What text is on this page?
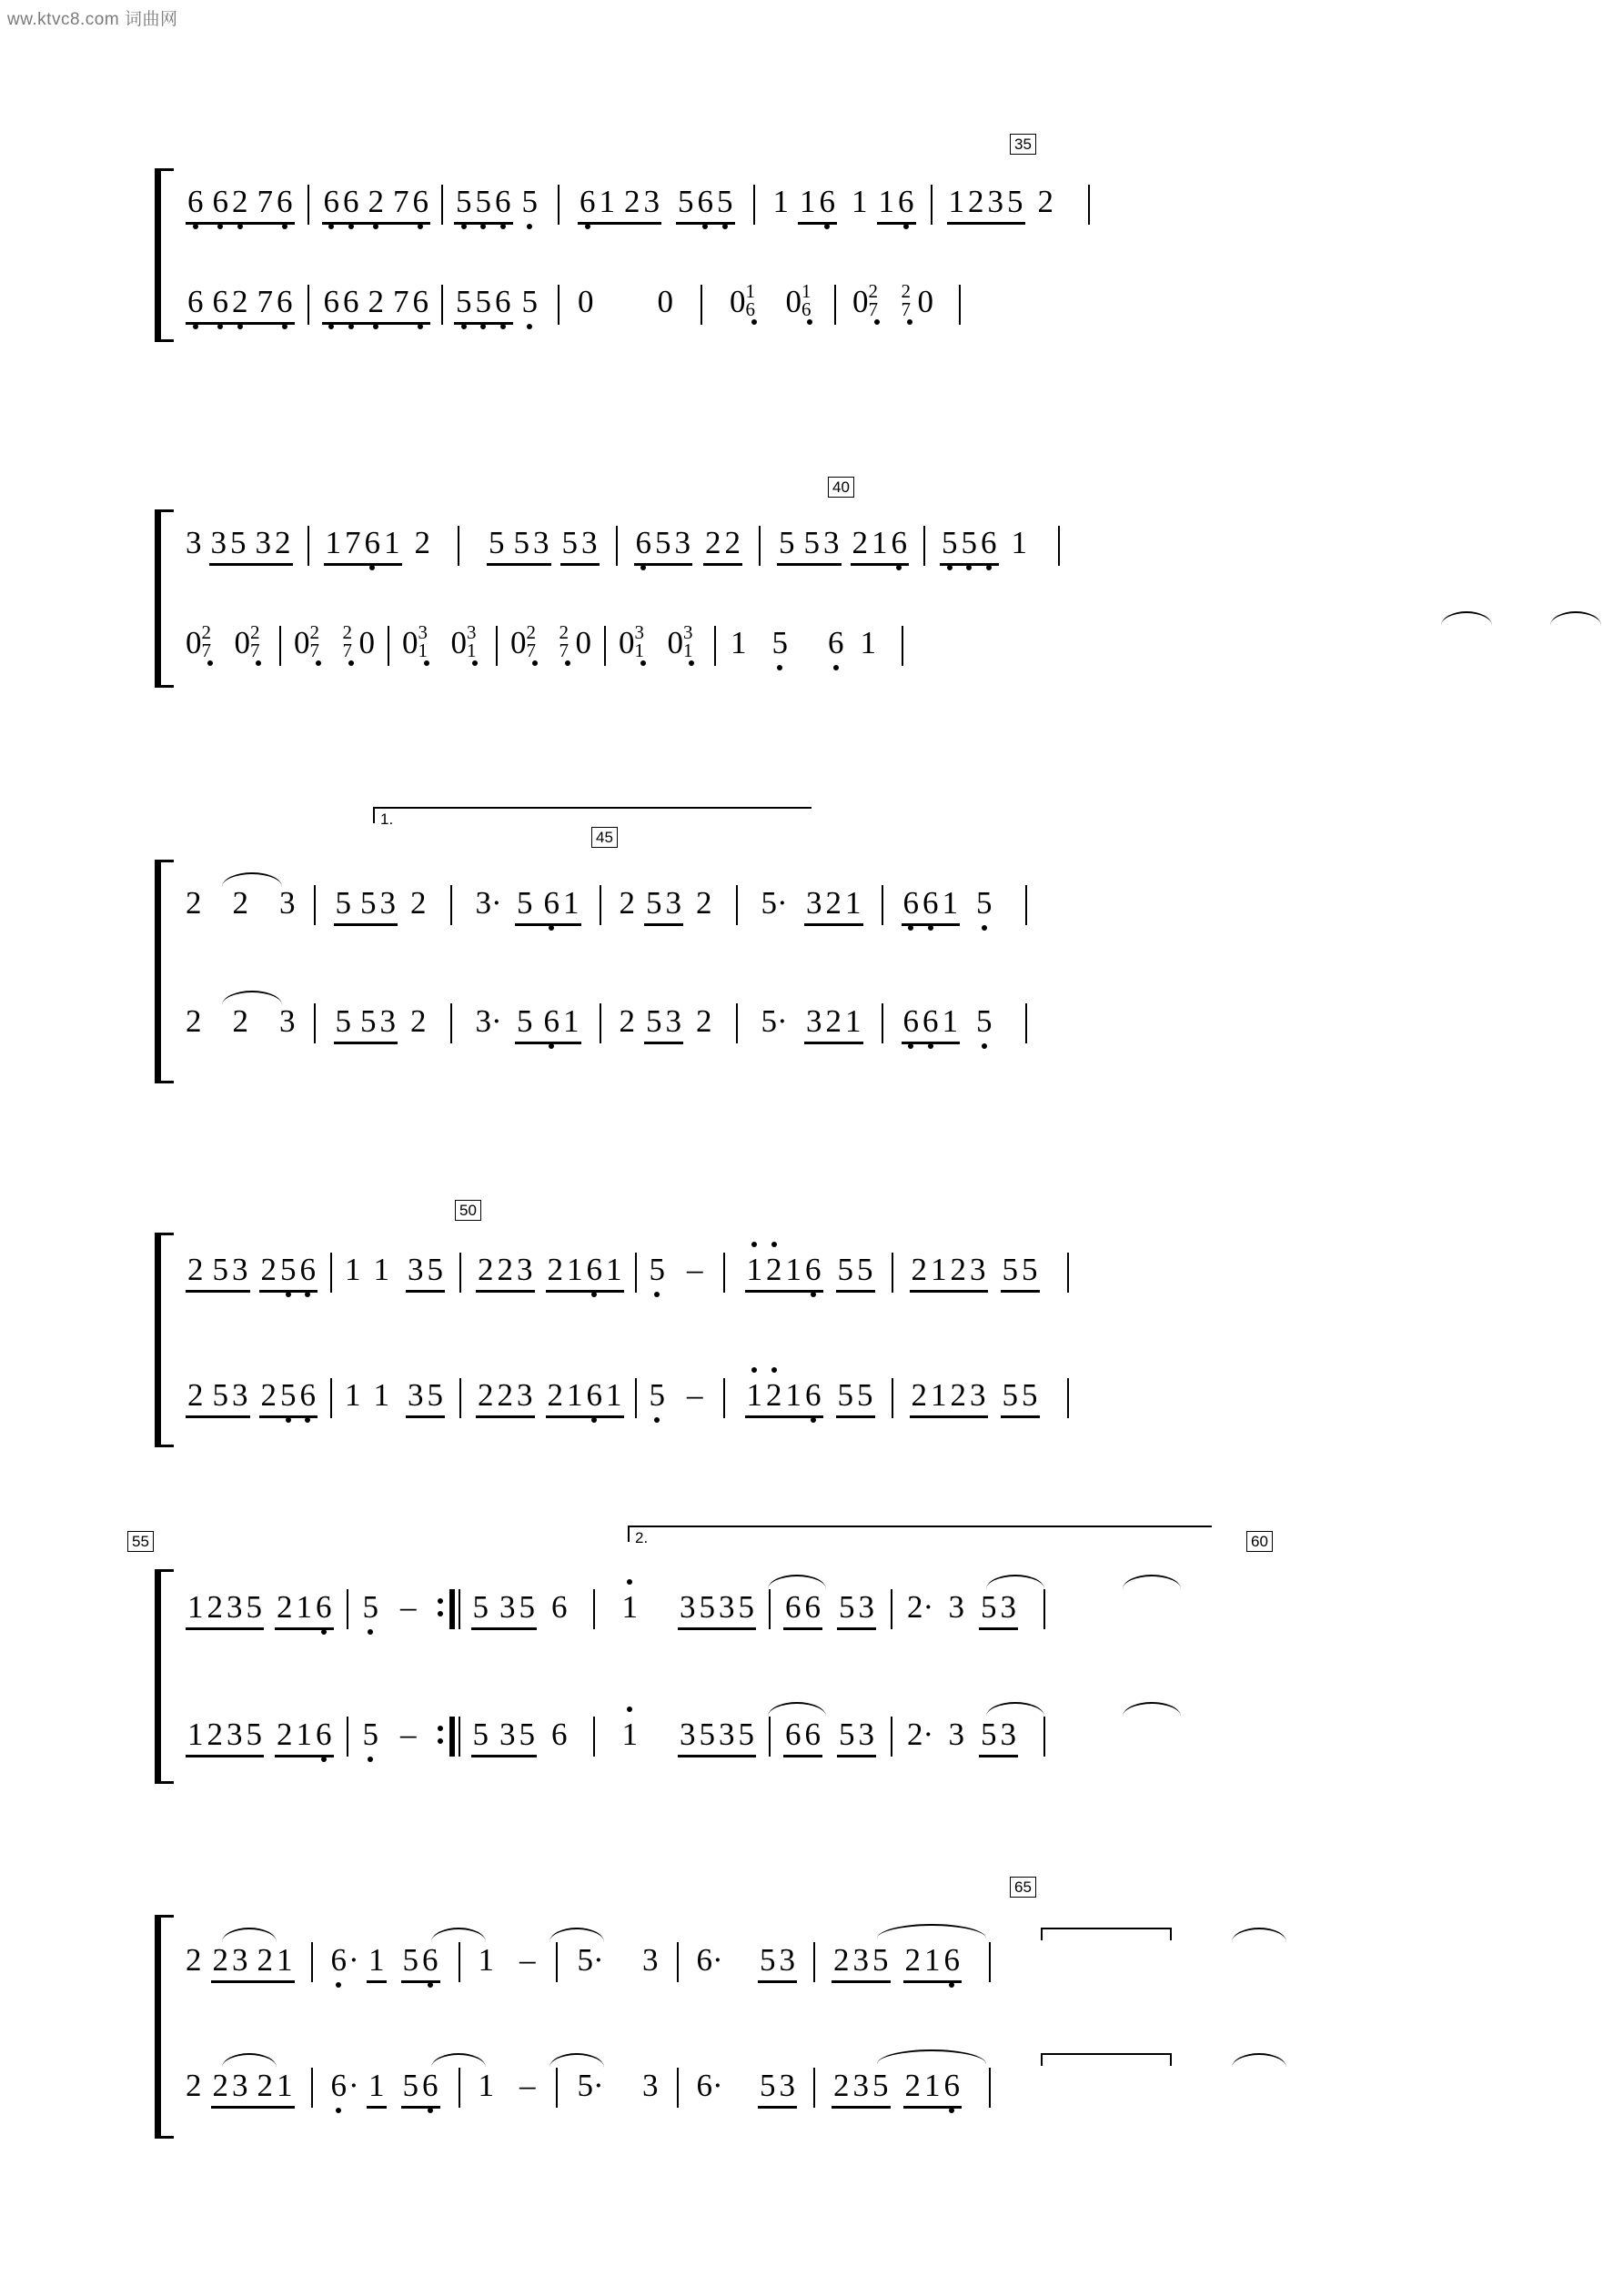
ww.ktvc8.com 词曲网
35
6 6 2 7 6 6 6 2 7 6 5 5 6 5 6 1 2 3 5 6 5 1 1 6 1 1 6 1 2 3 5 2
6 6 2 7 6 6 6 2 7 6 5 5 6 5 0 0 0 1
6 0 1
6 0 2
7
2
7 0
40
3 3 5 3 2 1 7 6 1 2 5 5 3 5 3 6 5 3 2 2 5 5 3 2 1 6 5 5 6 1
0 2
7 0 2
7 0 2
7
2
7 0 0 3
1 0 3
1 0 2
7
2
7 0 0 3
1 0 3
1 1 5 6 1
45
1.
2 2 3 5 5 3 2 3 · 5 6 1 2 5 3 2 5 · 3 2 1 6 6 1 5
2 2 3 5 5 3 2 3 · 5 6 1 2 5 3 2 5 · 3 2 1 6 6 1 5
50
2 5 3 2 5 6 1 1 3 5 2 2 3 2 1 6 1 5 – 1 2 1 6 5 5 2 1 2 3 5 5
2 5 3 2 5 6 1 1 3 5 2 2 3 2 1 6 1 5 – 1 2 1 6 5 5 2 1 2 3 5 5
55	60
2.
1 2 3 5 2 1 6 5 – 5 3 5 6 1 3 5 3 5 6 6 5 3 2 · 3 5 3
1 2 3 5 2 1 6 5 – 5 3 5 6 1 3 5 3 5 6 6 5 3 2 · 3 5 3
65
2 2 3 2 1 6 · 1 5 6 1 – 5 · 3 6 · 5 3 2 3 5 2 1 6
2 2 3 2 1 6 · 1 5 6 1 – 5 · 3 6 · 5 3 2 3 5 2 1 6
